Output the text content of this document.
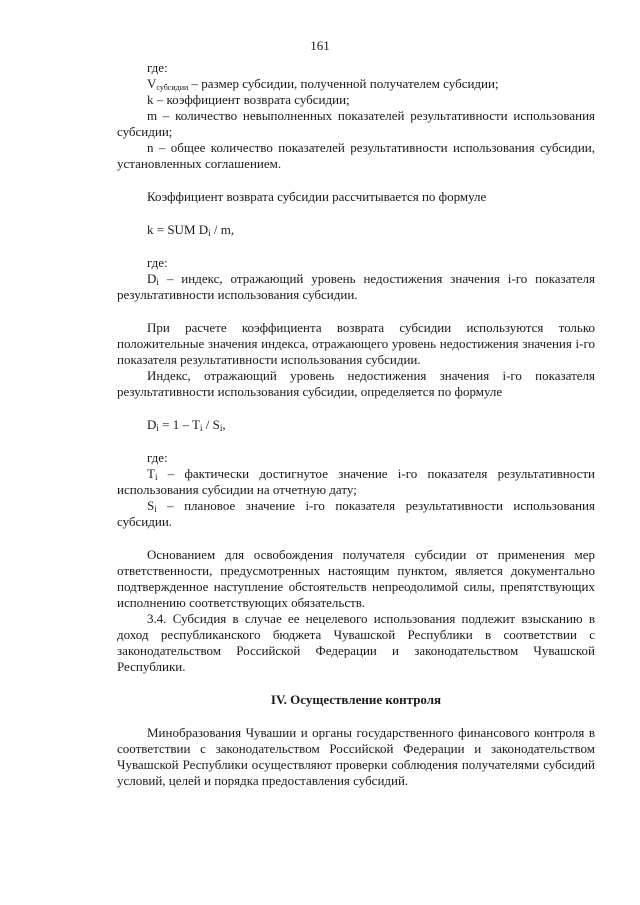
161

где:

$V_{субсидии}$ – размер субсидии, полученной получателем субсидии;

k – коэффициент возврата субсидии;

m – количество невыполненных показателей результативности использования субсидии;

n – общее количество показателей результативности использования субсидии, установленных соглашением.

Коэффициент возврата субсидии рассчитывается по формуле

k = SUM Di / m,

где:

Di – индекс, отражающий уровень недостижения значения i-го показателя результативности использования субсидии.

При расчете коэффициента возврата субсидии используются только положительные значения индекса, отражающего уровень недостижения значения i-го показателя результативности использования субсидии.

Индекс, отражающий уровень недостижения значения i-го показателя результативности использования субсидии, определяется по формуле

Di = 1 – Ti / Si,

где:

Ti – фактически достигнутое значение i-го показателя результативности использования субсидии на отчетную дату;

Si – плановое значение i-го показателя результативности использования субсидии.

Основанием для освобождения получателя субсидии от применения мер ответственности, предусмотренных настоящим пунктом, является документально подтвержденное наступление обстоятельств непреодолимой силы, препятствующих исполнению соответствующих обязательств.

3.4. Субсидия в случае ее нецелевого использования подлежит взысканию в доход республиканского бюджета Чувашской Республики в соответствии с законодательством Российской Федерации и законодательством Чувашской Республики.

IV. Осуществление контроля

Минобразования Чувашии и органы государственного финансового контроля в соответствии с законодательством Российской Федерации и законодательством Чувашской Республики осуществляют проверки соблюдения получателями субсидий условий, целей и порядка предоставления субсидий.
